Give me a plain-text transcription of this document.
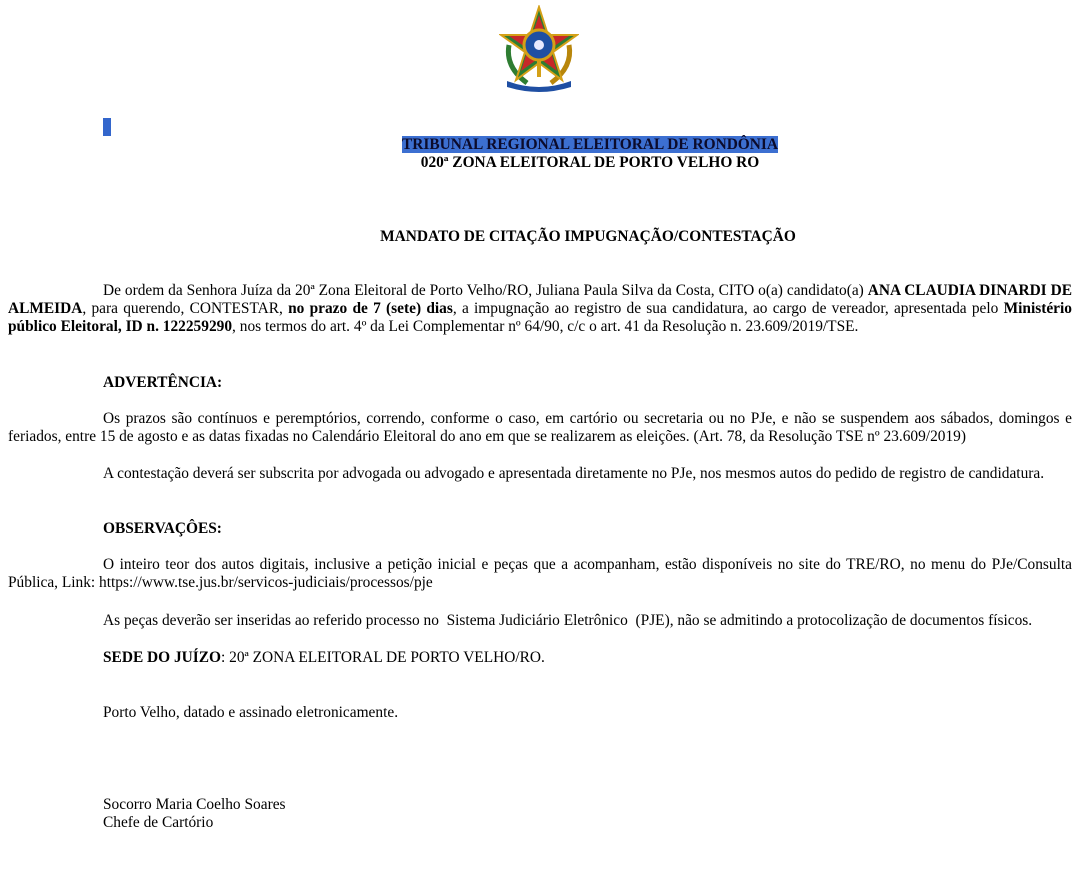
TRIBUNAL REGIONAL ELEITORAL DE RONDÔNIA
020ª ZONA ELEITORAL DE PORTO VELHO RO
MANDATO DE CITAÇÃO IMPUGNAÇÃO/CONTESTAÇÃO

De ordem da Senhora Juíza da 20ª Zona Eleitoral de Porto Velho/RO, Juliana Paula Silva da Costa, CITO o(a) candidato(a) ANA CLAUDIA DINARDI DE ALMEIDA, para querendo, CONTESTAR, no prazo de 7 (sete) dias, a impugnação ao registro de sua candidatura, ao cargo de vereador, apresentada pelo Ministério público Eleitoral, ID n. 122259290, nos termos do art. 4º da Lei Complementar nº 64/90, c/c o art. 41 da Resolução n. 23.609/2019/TSE.

ADVERTÊNCIA:

Os prazos são contínuos e peremptórios, correndo, conforme o caso, em cartório ou secretaria ou no PJe, e não se suspendem aos sábados, domingos e feriados, entre 15 de agosto e as datas fixadas no Calendário Eleitoral do ano em que se realizarem as eleições. (Art. 78, da Resolução TSE nº 23.609/2019)

A contestação deverá ser subscrita por advogada ou advogado e apresentada diretamente no PJe, nos mesmos autos do pedido de registro de candidatura.

OBSERVAÇÔES:

O inteiro teor dos autos digitais, inclusive a petição inicial e peças que a acompanham, estão disponíveis no site do TRE/RO, no menu do PJe/Consulta Pública, Link: https://www.tse.jus.br/servicos-judiciais/processos/pje

As peças deverão ser inseridas ao referido processo no  Sistema Judiciário Eletrônico  (PJE), não se admitindo a protocolização de documentos físicos.

SEDE DO JUÍZO: 20ª ZONA ELEITORAL DE PORTO VELHO/RO.

Porto Velho, datado e assinado eletronicamente.

Socorro Maria Coelho Soares
Chefe de Cartório
